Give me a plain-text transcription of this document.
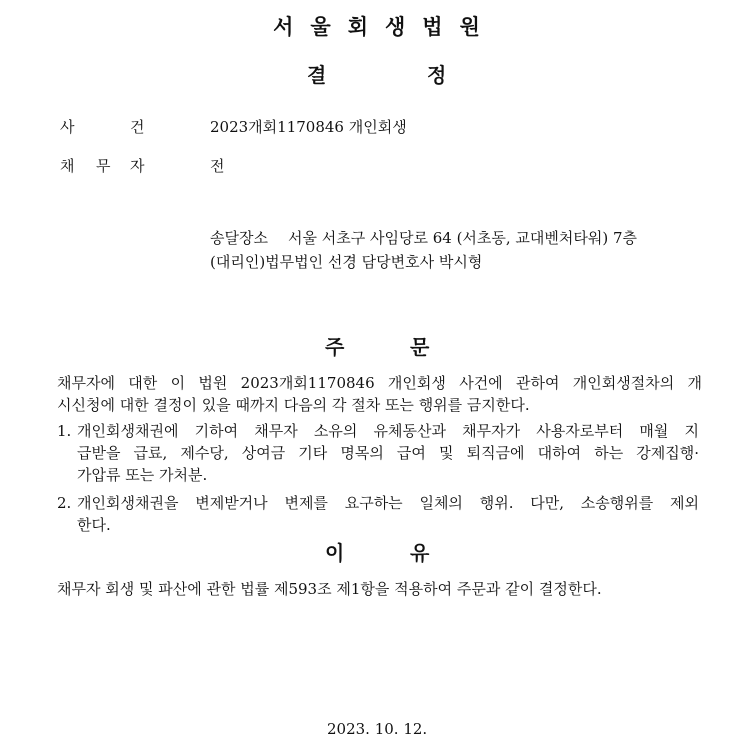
서울회생법원
결	정
사	건	2023개회1170846 개인회생
채 무 자	전
송달장소 서울 서초구 사임당로 64 (서초동, 교대벤처타워) 7층
(대리인)법무법인 선경 담당변호사 박시형
주	문
채무자에 대한 이 법원 2023개회1170846 개인회생 사건에 관하여 개인회생절차의 개
시신청에 대한 결정이 있을 때까지 다음의 각 절차 또는 행위를 금지한다.
1. 개인회생채권에 기하여 채무자 소유의 유체동산과 채무자가 사용자로부터 매월 지
급받을 급료, 제수당, 상여금 기타 명목의 급여 및 퇴직금에 대하여 하는 강제집행·
가압류 또는 가처분.
2. 개인회생채권을 변제받거나 변제를 요구하는 일체의 행위. 다만, 소송행위를 제외
한다.
이	유
채무자 회생 및 파산에 관한 법률 제593조 제1항을 적용하여 주문과 같이 결정한다.
2023. 10. 12.
